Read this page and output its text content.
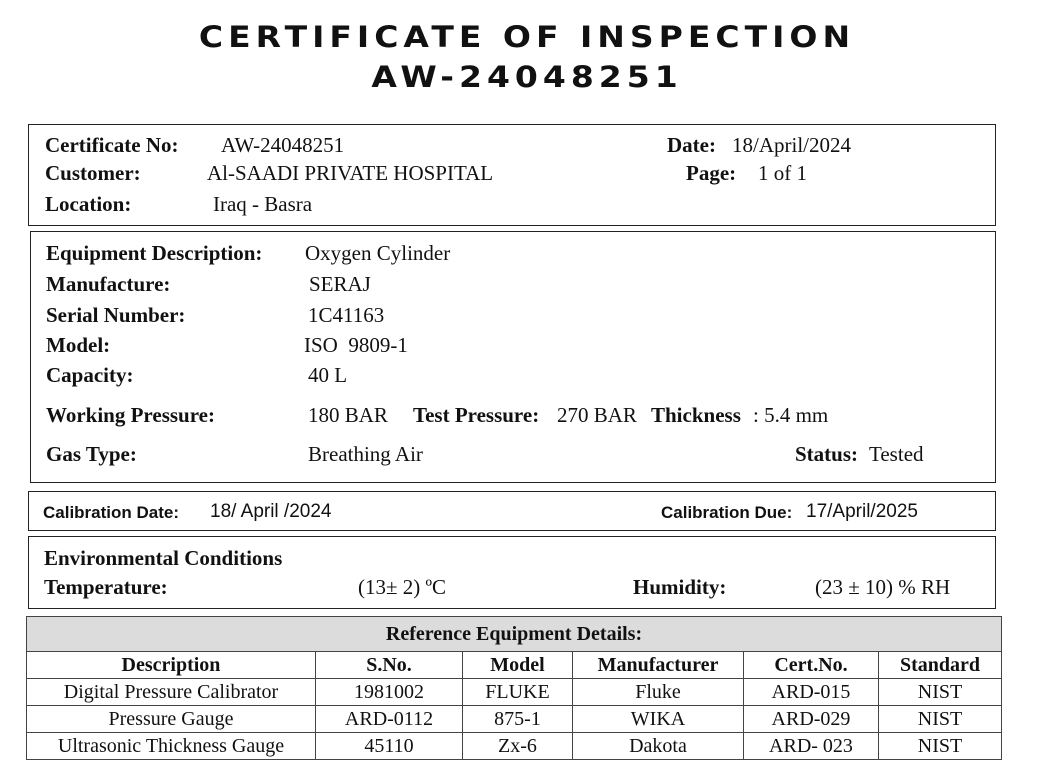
CERTIFICATE OF INSPECTION
AW-24048251
Certificate No: AW-24048251
Customer:	Al-SAADI PRIVATE HOSPITAL
Location:	Iraq - Basra
Date: 18/April/2024
Page: 1 of 1
Equipment Description: Oxygen Cylinder
Manufacture:	SERAJ
Serial Number:	1C41163
Model:	ISO  9809-1
Capacity:	40 L
Working Pressure:	180 BAR Test Pressure: 270 BAR Thickness : 5.4 mm
Gas Type:	Breathing Air	Status: Tested
Calibration Date: 18/ April /2024	Calibration Due: 17/April/2025
Environmental Conditions
Temperature:	(13± 2) ºC	Humidity:	(23 ± 10) % RH
Reference Equipment Details:					
Description	S.No.	Model	Manufacturer	Cert.No.	Standard
Digital Pressure Calibrator	1981002	FLUKE	Fluke	ARD-015	NIST
Pressure Gauge	ARD-0112	875-1	WIKA	ARD-029	NIST
Ultrasonic Thickness Gauge	45110	Zx-6	Dakota	ARD- 023	NIST
